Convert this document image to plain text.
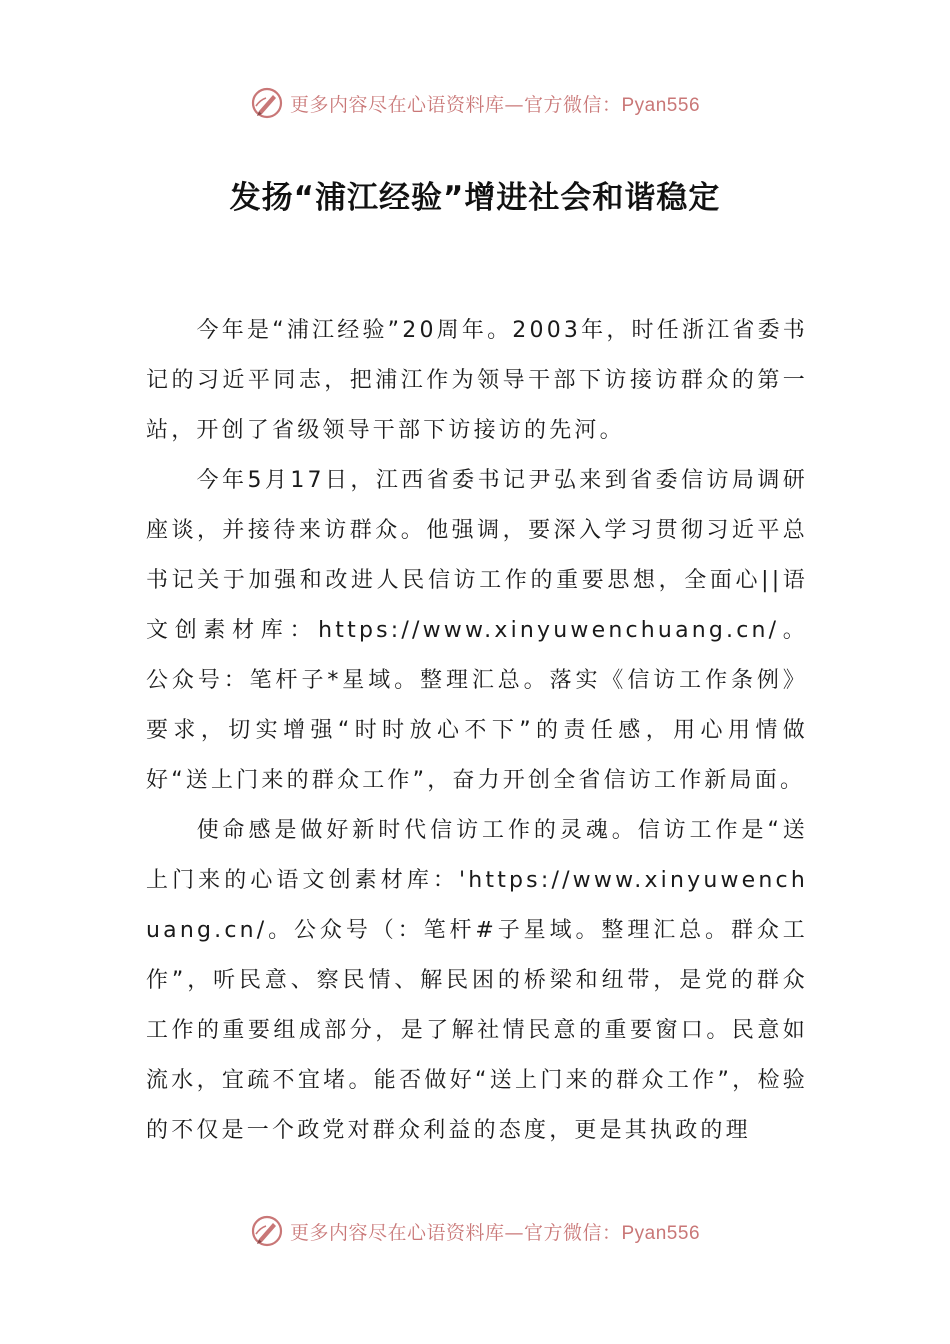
更多内容尽在心语资料库—官方微信：Pyan556
发扬“浦江经验”增进社会和谐稳定

今年是“浦江经验”20周年。2003年，时任浙江省委书记的习近平同志，把浦江作为领导干部下访接访群众的第一站，开创了省级领导干部下访接访的先河。

今年5月17日，江西省委书记尹弘来到省委信访局调研座谈，并接待来访群众。他强调，要深入学习贯彻习近平总书记关于加强和改进人民信访工作的重要思想，全面心||语文创素材库：https://www.xinyuwenchuang.cn/。公众号：笔杆子*星域。整理汇总。落实《信访工作条例》要求，切实增强“时时放心不下”的责任感，用心用情做好“送上门来的群众工作”，奋力开创全省信访工作新局面。

使命感是做好新时代信访工作的灵魂。信访工作是“送上门来的心语文创素材库：'https://www.xinyuwenchuang.cn/。公众号（：笔杆#子星域。整理汇总。群众工作”，听民意、察民情、解民困的桥梁和纽带，是党的群众工作的重要组成部分，是了解社情民意的重要窗口。民意如流水，宜疏不宜堵。能否做好“送上门来的群众工作”，检验的不仅是一个政党对群众利益的态度，更是其执政的理

更多内容尽在心语资料库—官方微信：Pyan556
